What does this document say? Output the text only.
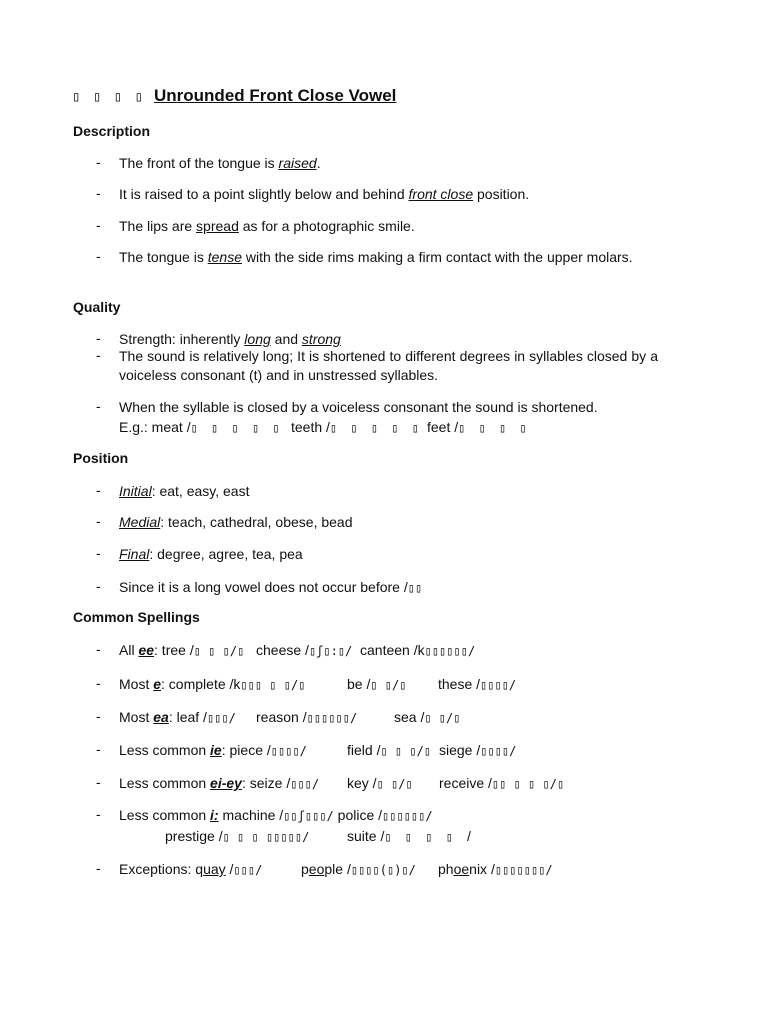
▯ ▯ ▯ ▯ Unrounded Front Close Vowel
Description
- The front of the tongue is raised.
- It is raised to a point slightly below and behind front close position.
- The lips are spread as for a photographic smile.
- The tongue is tense with the side rims making a firm contact with the upper molars.
Quality
- Strength: inherently long and strong
- The sound is relatively long; It is shortened to different degrees in syllables closed by a voiceless consonant (t) and in unstressed syllables.
- When the syllable is closed by a voiceless consonant the sound is shortened.
E.g.: meat /▯ ▯ ▯ ▯ ▯ teeth /▯ ▯ ▯ ▯ ▯ feet /▯ ▯ ▯ ▯
Position
- Initial: eat, easy, east
- Medial: teach, cathedral, obese, bead
- Final: degree, agree, tea, pea
- Since it is a long vowel does not occur before /▯▯
Common Spellings
- All ee: tree /▯ ▯ ▯/▯ cheese /▯ʃ▯:▯/ canteen /k▯▯▯▯▯▯/
- Most e: complete /k▯▯▯ ▯ ▯/▯	be /▯ ▯/▯ these /▯▯▯▯/
- Most ea: leaf /▯▯▯/ reason /▯▯▯▯▯▯/	sea /▯ ▯/▯
- Less common ie: piece /▯▯▯▯/	field /▯ ▯ ▯/▯ siege /▯▯▯▯/
- Less common ei-ey: seize /▯▯▯/ key /▯ ▯/▯ receive /▯▯ ▯ ▯ ▯/▯
- Less common i: machine /▯▯ʃ▯▯▯/ police /▯▯▯▯▯▯/
prestige /▯ ▯ ▯ ▯▯▯▯▯/	suite /▯ ▯ ▯ ▯ /
- Exceptions: quay /▯▯▯/	people /▯▯▯▯(▯)▯/ phoenix /▯▯▯▯▯▯▯/
